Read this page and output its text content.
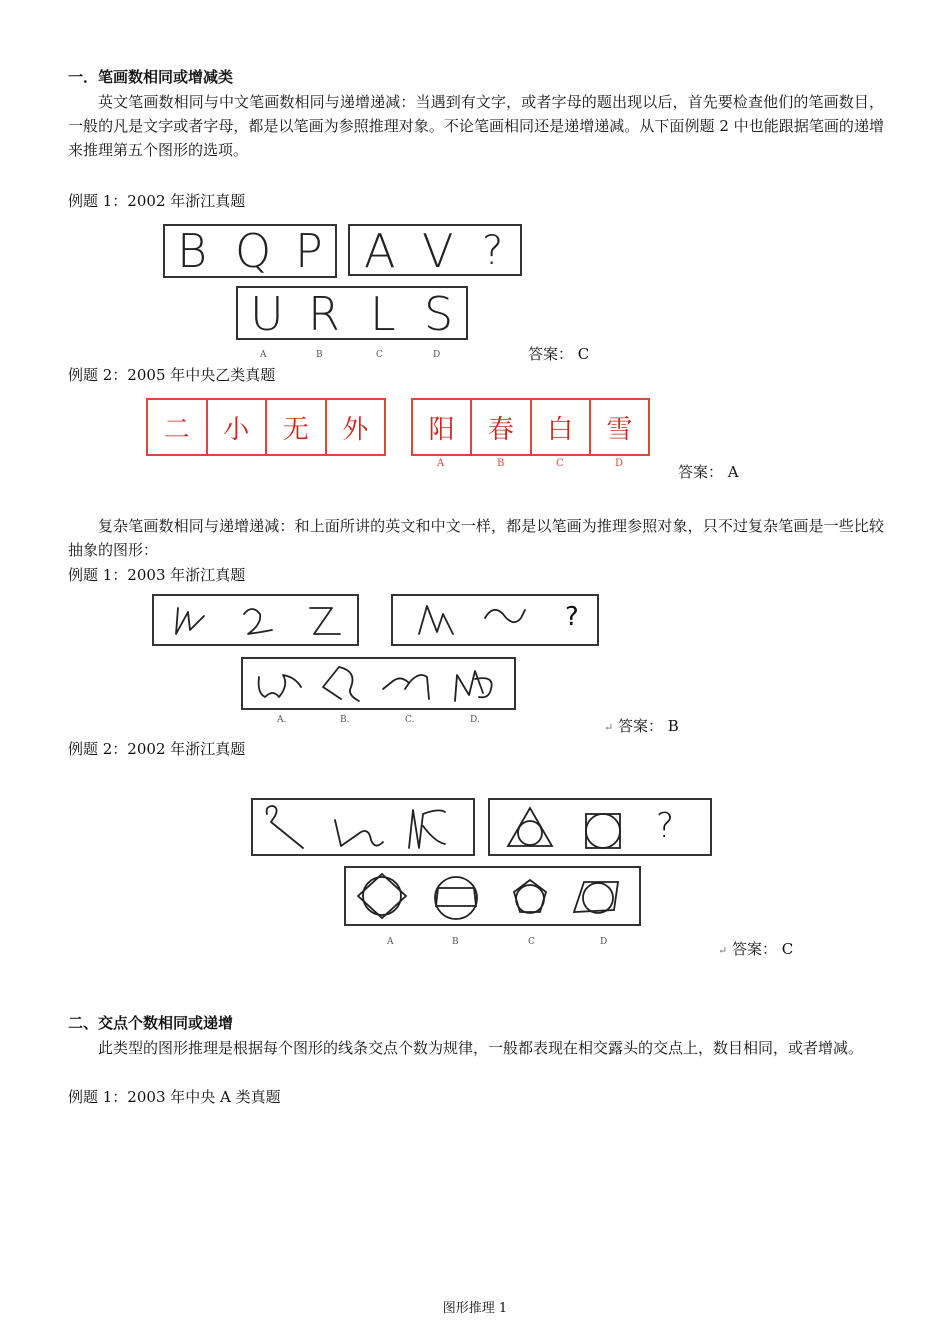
一．笔画数相同或增减类
英文笔画数相同与中文笔画数相同与递增递减：当遇到有文字，或者字母的题出现以后，首先要检查他们的笔画数目，一般的凡是文字或者字母，都是以笔画为参照推理对象。不论笔画相同还是递增递减。从下面例题 2 中也能跟据笔画的递增来推理第五个图形的选项。
例题 1：2002 年浙江真题
B Q P A V ?
U R L S
A	B	C	D	答案： C
例题 2：2005 年中央乙类真题
二	小	无	外	阳	春	白	雪
A	B	C	D	答案： A
复杂笔画数相同与递增递减：和上面所讲的英文和中文一样，都是以笔画为推理参照对象，只不过复杂笔画是一些比较抽象的图形：
例题 1：2003 年浙江真题
?
A.	B.	C.	D.
↵ 答案： B
例题 2：2002 年浙江真题
?
A	B	C	D
↵ 答案： C
二、交点个数相同或递增
此类型的图形推理是根据每个图形的线条交点个数为规律，一般都表现在相交露头的交点上，数目相同，或者增减。
例题 1：2003 年中央 A 类真题
图形推理 1
